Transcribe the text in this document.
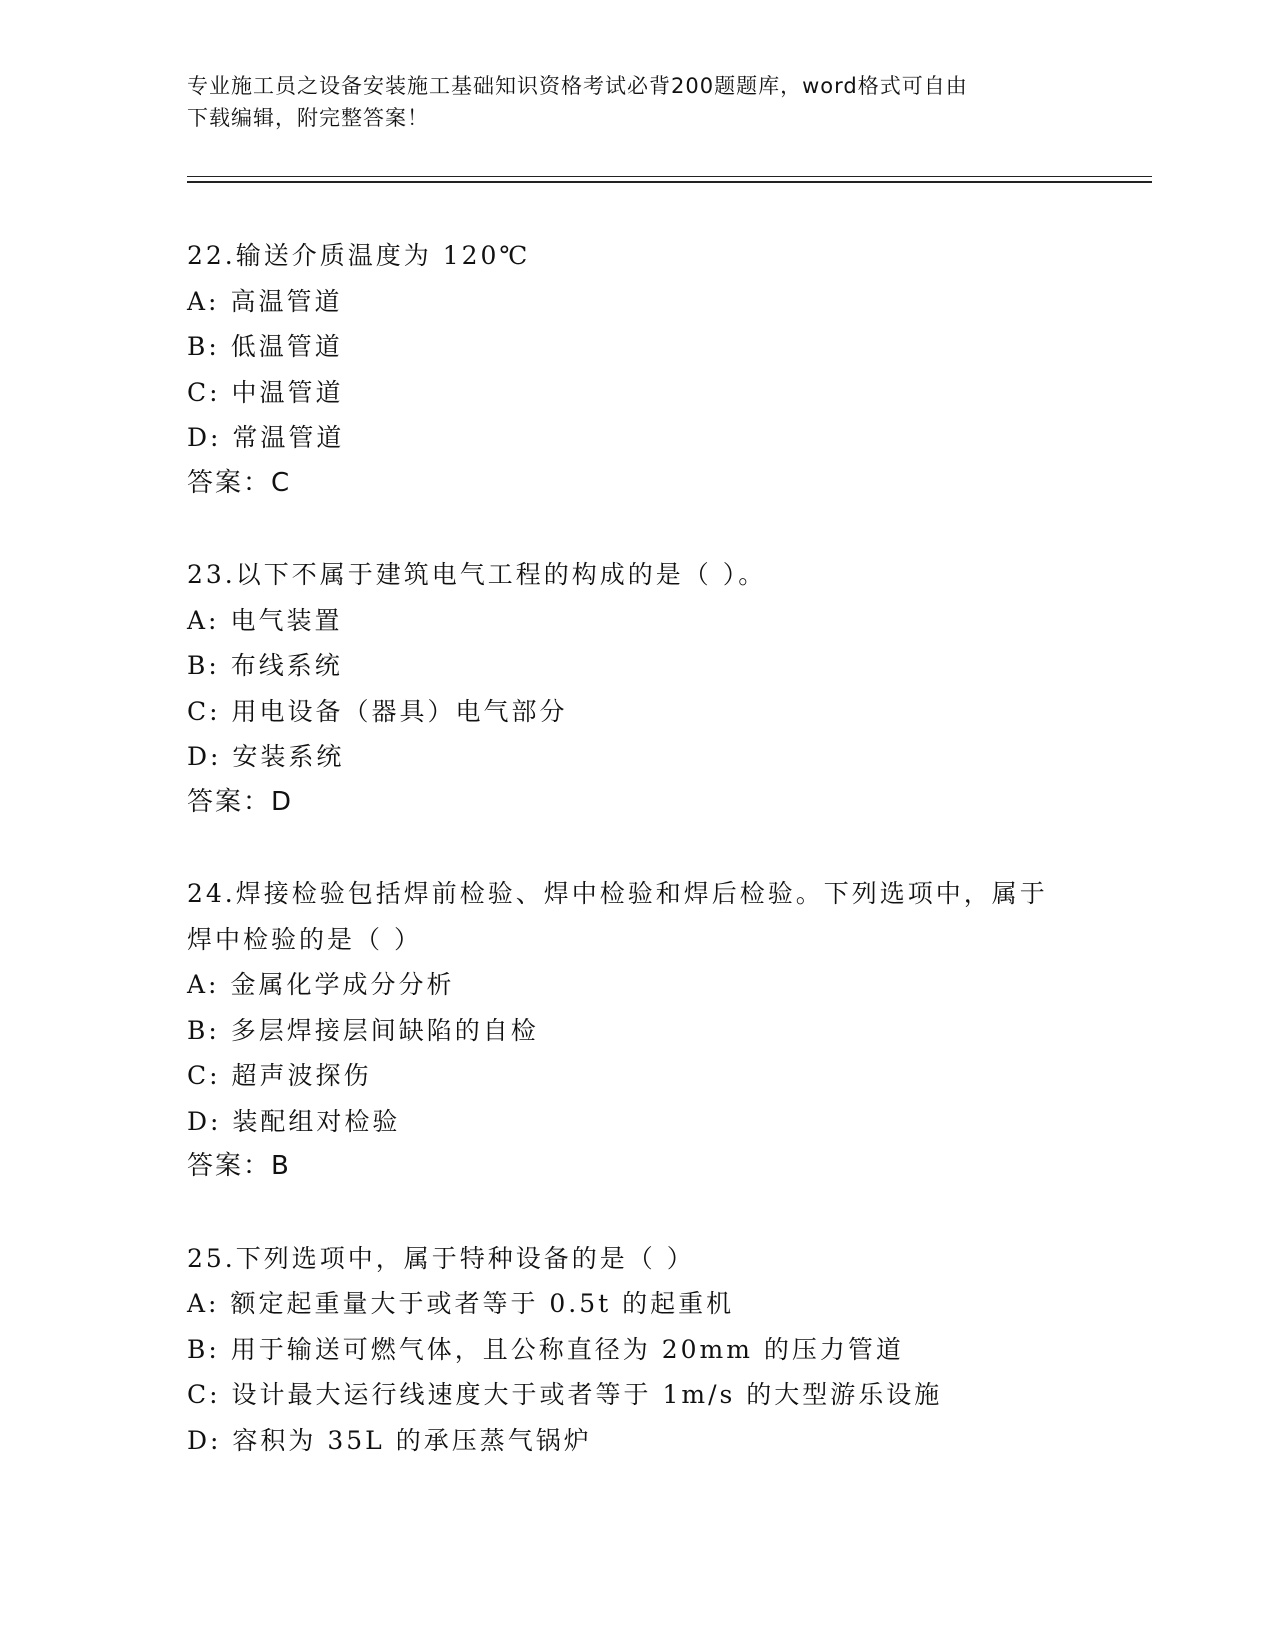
专业施工员之设备安装施工基础知识资格考试必背200题题库，word格式可自由
下载编辑，附完整答案！
22.输送介质温度为 120℃
A: 高温管道
B: 低温管道
C: 中温管道
D: 常温管道
答案：C
23.以下不属于建筑电气工程的构成的是（ ）。
A: 电气装置
B: 布线系统
C: 用电设备（器具）电气部分
D: 安装系统
答案：D
24.焊接检验包括焊前检验、焊中检验和焊后检验。下列选项中，属于
焊中检验的是（ ）
A: 金属化学成分分析
B: 多层焊接层间缺陷的自检
C: 超声波探伤
D: 装配组对检验
答案：B
25.下列选项中，属于特种设备的是（ ）
A: 额定起重量大于或者等于 0.5t 的起重机
B: 用于输送可燃气体，且公称直径为 20mm 的压力管道
C: 设计最大运行线速度大于或者等于 1m/s 的大型游乐设施
D: 容积为 35L 的承压蒸气锅炉
